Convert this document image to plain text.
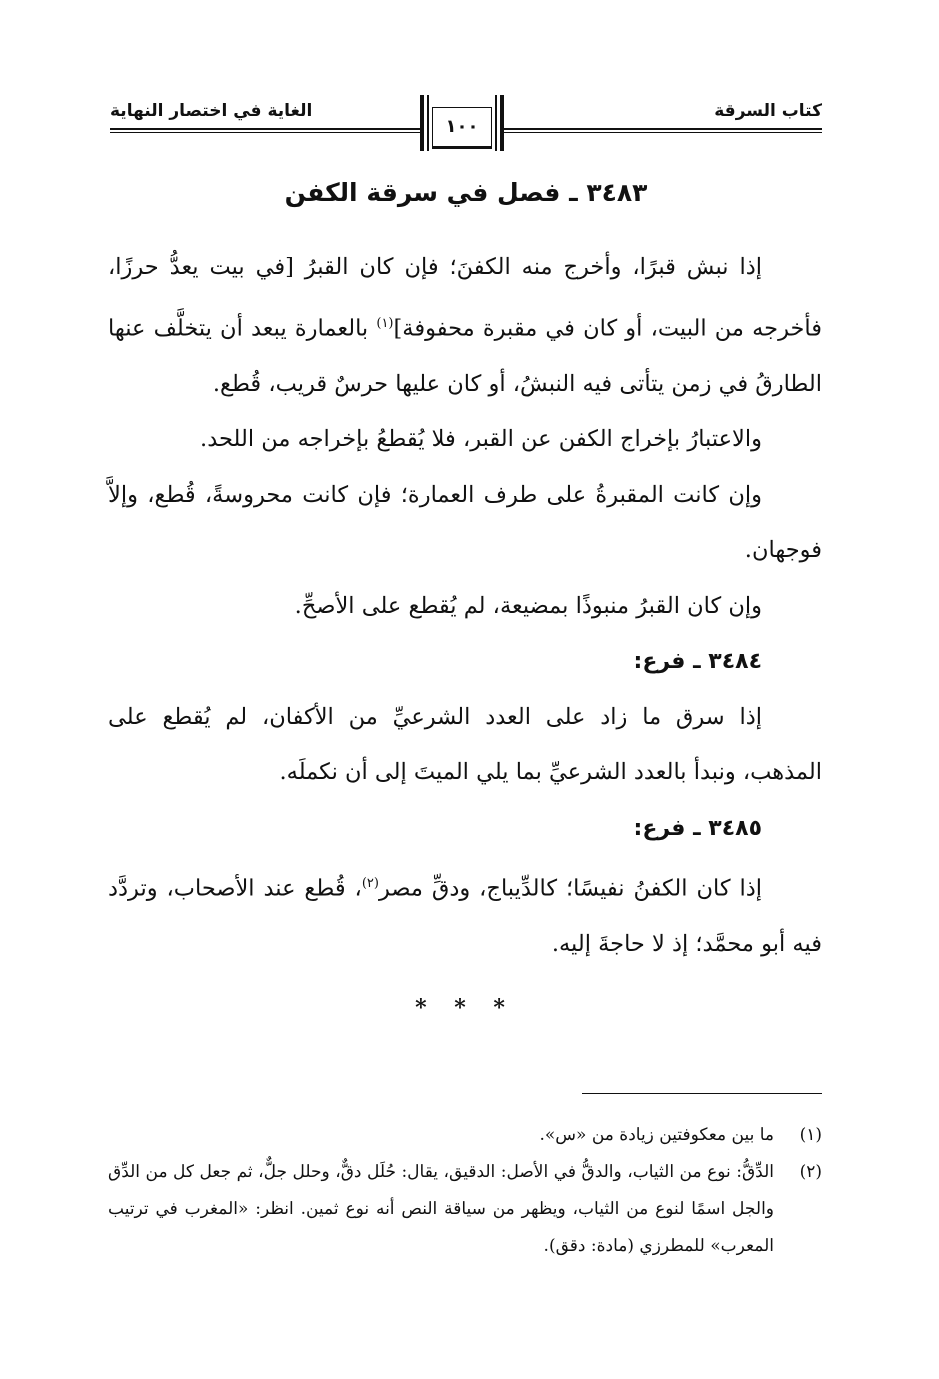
كتاب السرقة
الغاية في اختصار النهاية
١٠٠
٣٤٨٣ ـ فصل في سرقة الكفن

إذا نبش قبرًا، وأخرج منه الكفنَ؛ فإن كان القبرُ [في بيت يعدُّ حرزًا، فأخرجه من البيت، أو كان في مقبرة محفوفة]$^{(١)}$ بالعمارة يبعد أن يتخلَّف عنها الطارقُ في زمن يتأتى فيه النبشُ، أو كان عليها حرسٌ قريب، قُطع.

والاعتبارُ بإخراج الكفن عن القبر، فلا يُقطعُ بإخراجه من اللحد.

وإن كانت المقبرةُ على طرف العمارة؛ فإن كانت محروسةً، قُطع، وإلاَّ فوجهان.

وإن كان القبرُ منبوذًا بمضيعة، لم يُقطع على الأصحِّ.

٣٤٨٤ ـ فرع:

إذا سرق ما زاد على العدد الشرعيِّ من الأكفان، لم يُقطع على المذهب، ونبدأ بالعدد الشرعيِّ بما يلي الميتَ إلى أن نكملَه.

٣٤٨٥ ـ فرع:

إذا كان الكفنُ نفيسًا؛ كالدِّيباج، ودقِّ مصر$^{(٢)}$، قُطع عند الأصحاب، وتردَّد فيه أبو محمَّد؛ إذ لا حاجةَ إليه.

* * *

(١)
ما بين معكوفتين زيادة من «س».
(٢)
الدِّقُّ: نوع من الثياب، والدقُّ في الأصل: الدقيق، يقال: حُلَل دقٌّ، وحلل جلٌّ، ثم جعل كل من الدِّق والجل اسمًا لنوع من الثياب، ويظهر من سياقة النص أنه نوع ثمين. انظر: «المغرب في ترتيب المعرب» للمطرزي (مادة: دقق).
